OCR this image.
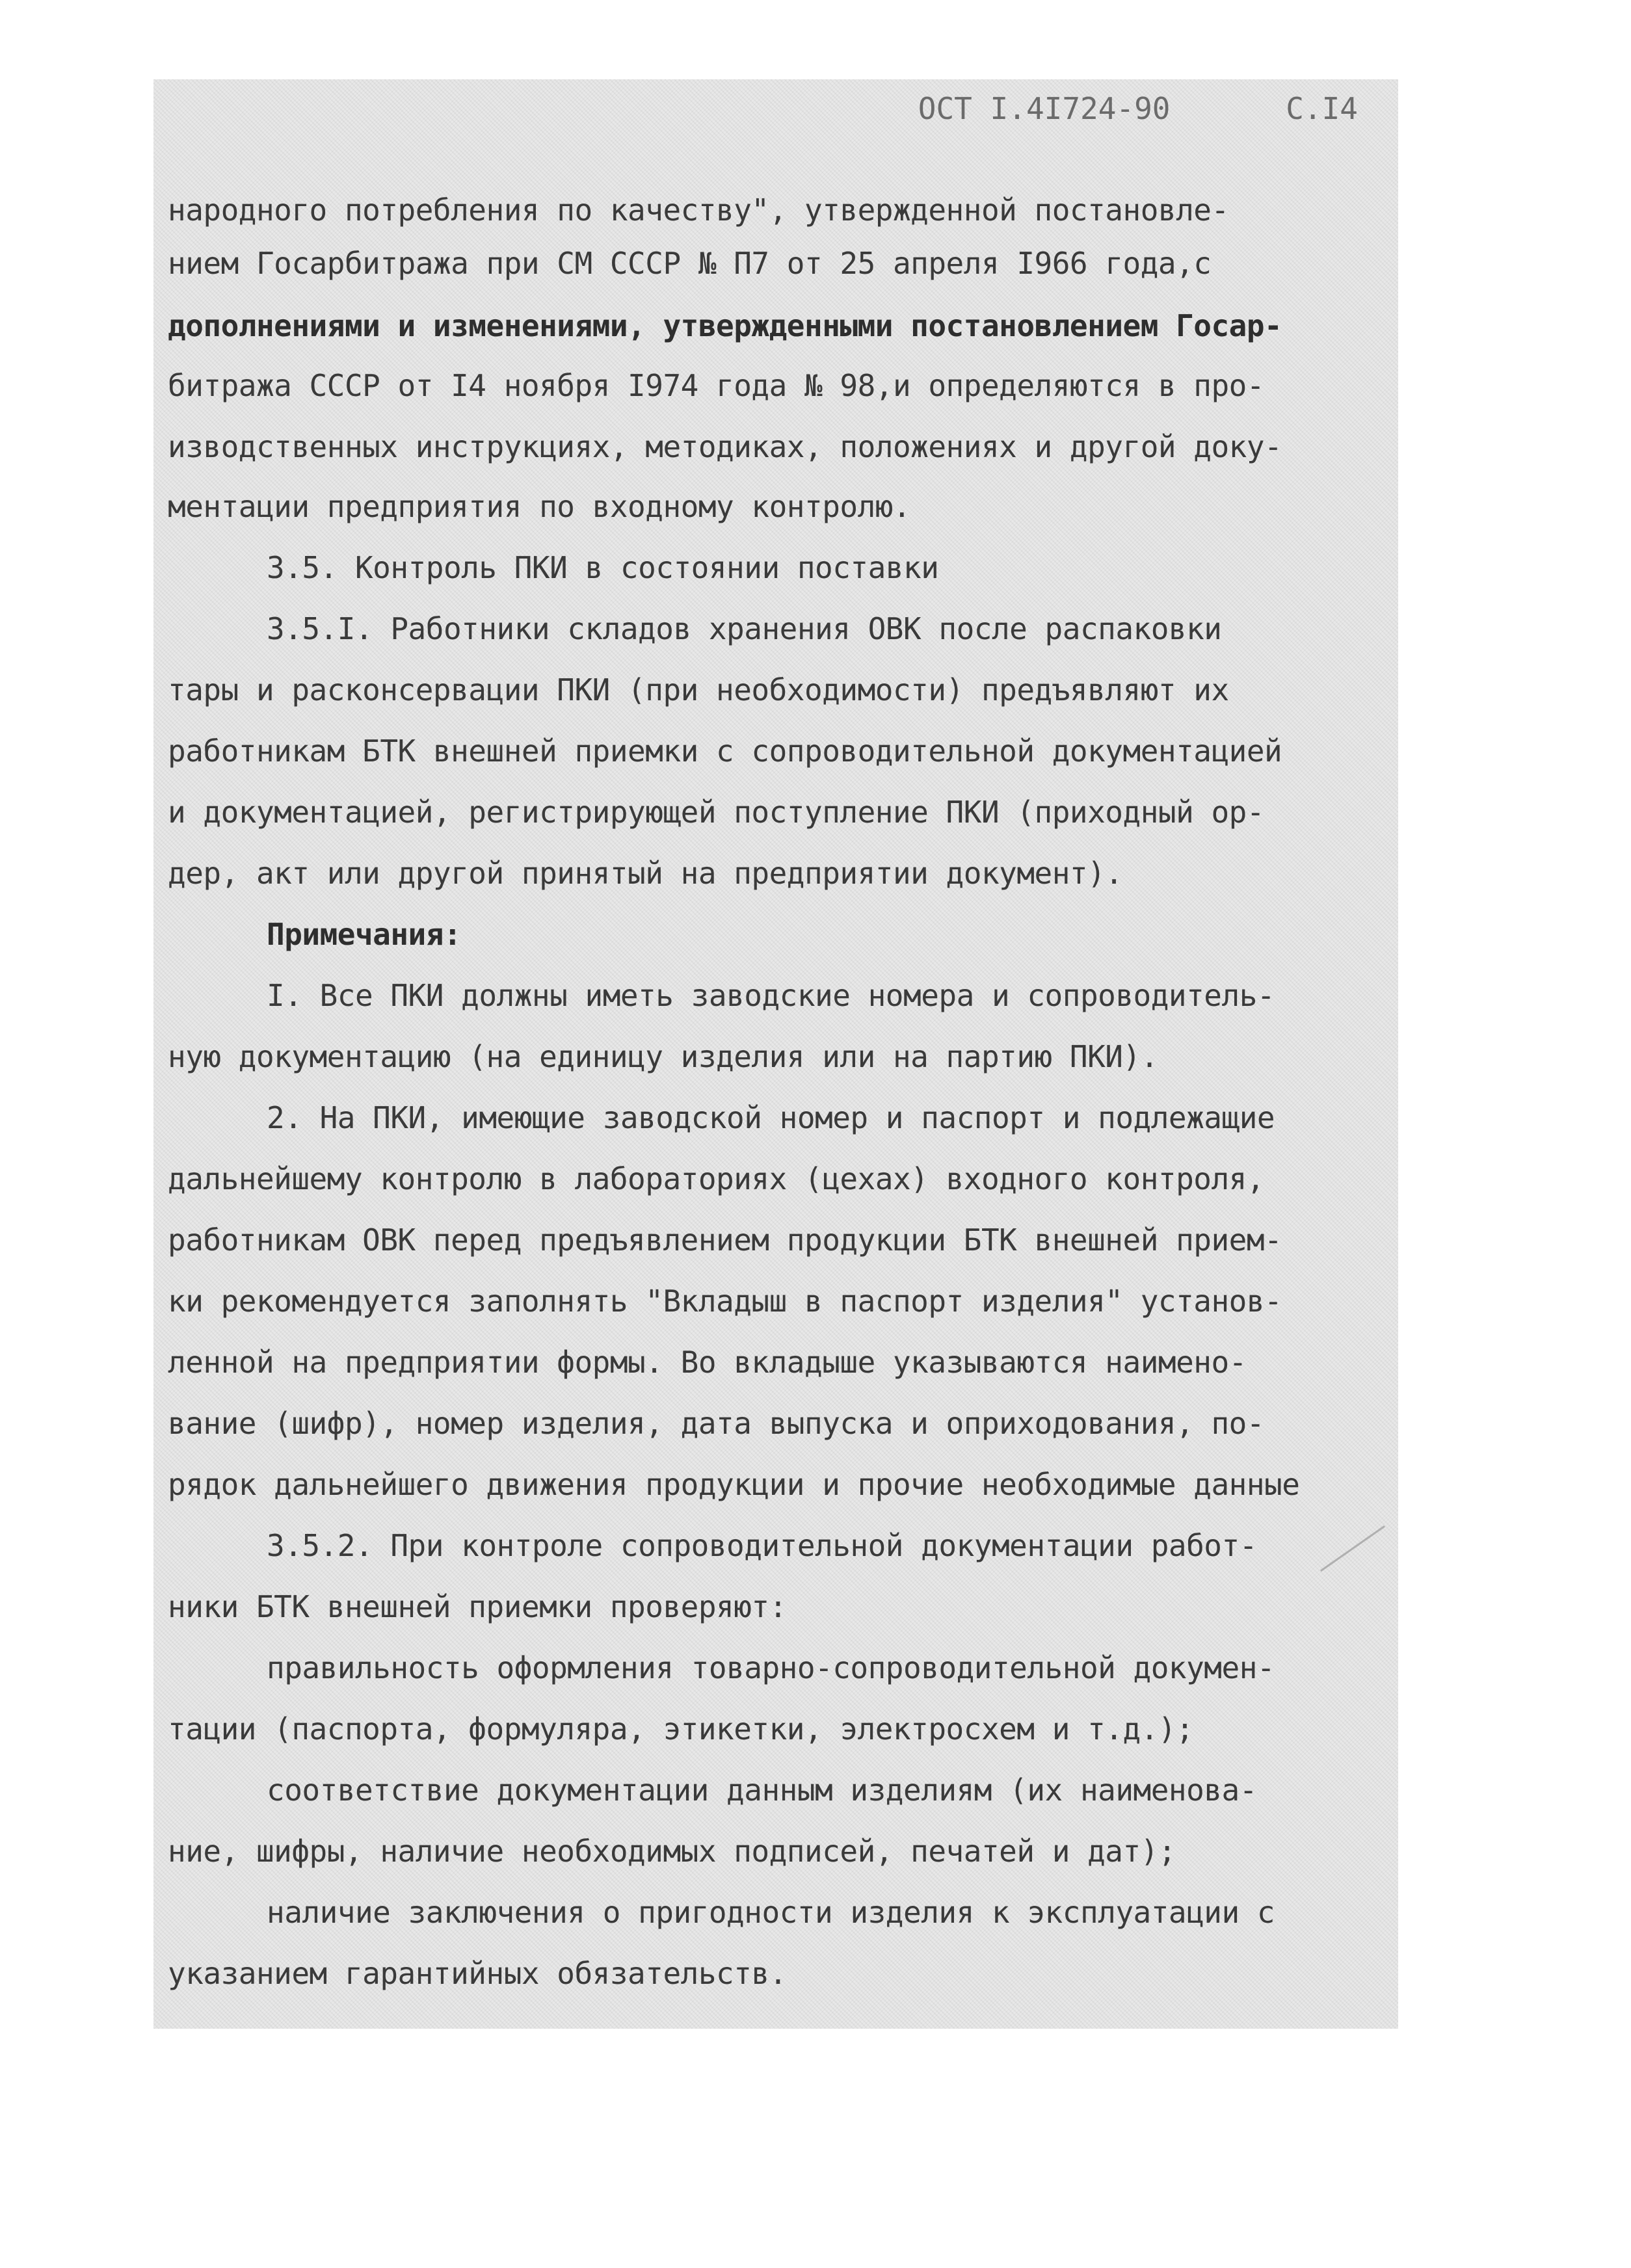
ОСТ I.4I724-90	С.I4
народного потребления по качеству", утвержденной постановле-
нием Госарбитража при СМ СССР № П7 от 25 апреля I966 года,с
дополнениями и изменениями, утвержденными постановлением Госар-
битража СССР от I4 ноября I974 года № 98,и определяются в про-
изводственных инструкциях, методиках, положениях и другой доку-
ментации предприятия по входному контролю.
3.5. Контроль ПКИ в состоянии поставки
3.5.I. Работники складов хранения ОВК после распаковки
тары и расконсервации ПКИ (при необходимости) предъявляют их
работникам БТК внешней приемки с сопроводительной документацией
и документацией, регистрирующей поступление ПКИ (приходный ор-
дер, акт или другой принятый на предприятии документ).
Примечания:
I. Все ПКИ должны иметь заводские номера и сопроводитель-
ную документацию (на единицу изделия или на партию ПКИ).
2. На ПКИ, имеющие заводской номер и паспорт и подлежащие
дальнейшему контролю в лабораториях (цехах) входного контроля,
работникам ОВК перед предъявлением продукции БТК внешней прием-
ки рекомендуется заполнять "Вкладыш в паспорт изделия" установ-
ленной на предприятии формы. Во вкладыше указываются наимено-
вание (шифр), номер изделия, дата выпуска и оприходования, по-
рядок дальнейшего движения продукции и прочие необходимые данные
3.5.2. При контроле сопроводительной документации работ-
ники БТК внешней приемки проверяют:
правильность оформления товарно-сопроводительной докумен-
тации (паспорта, формуляра, этикетки, электросхем и т.д.);
соответствие документации данным изделиям (их наименова-
ние, шифры, наличие необходимых подписей, печатей и дат);
наличие заключения о пригодности изделия к эксплуатации с
указанием гарантийных обязательств.
